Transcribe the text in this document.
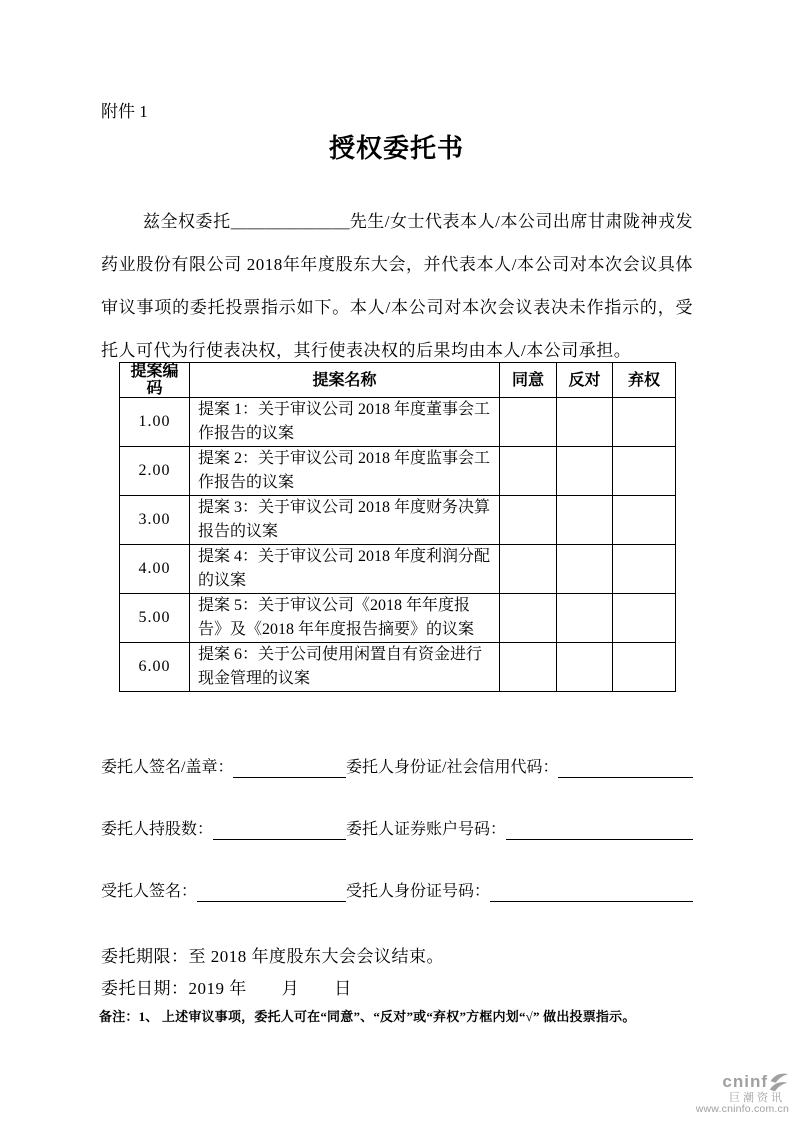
附件 1
授权委托书

兹全权委托＿＿＿＿＿＿＿先生/女士代表本人/本公司出席甘肃陇神戎发药业股份有限公司 2018年年度股东大会，并代表本人/本公司对本次会议具体审议事项的委托投票指示如下。本人/本公司对本次会议表决未作指示的，受托人可代为行使表决权，其行使表决权的后果均由本人/本公司承担。

提案编码	提案名称	同意	反对	弃权
1.00	提案 1：关于审议公司 2018 年度董事会工作报告的议案			
2.00	提案 2：关于审议公司 2018 年度监事会工作报告的议案			
3.00	提案 3：关于审议公司 2018 年度财务决算报告的议案			
4.00	提案 4：关于审议公司 2018 年度利润分配的议案			
5.00	提案 5：关于审议公司《2018 年年度报告》及《2018 年年度报告摘要》的议案			
6.00	提案 6：关于公司使用闲置自有资金进行现金管理的议案			
委托人签名/盖章：	委托人身份证/社会信用代码：
委托人持股数：	委托人证券账户号码：
受托人签名：	受托人身份证号码：

委托期限：至 2018 年度股东大会会议结束。

委托日期：2019 年　　月　　日

备注：1、 上述审议事项，委托人可在“同意”、“反对”或“弃权”方框内划“√” 做出投票指示。

cninf
巨潮资讯
www.cninfo.com.cn
